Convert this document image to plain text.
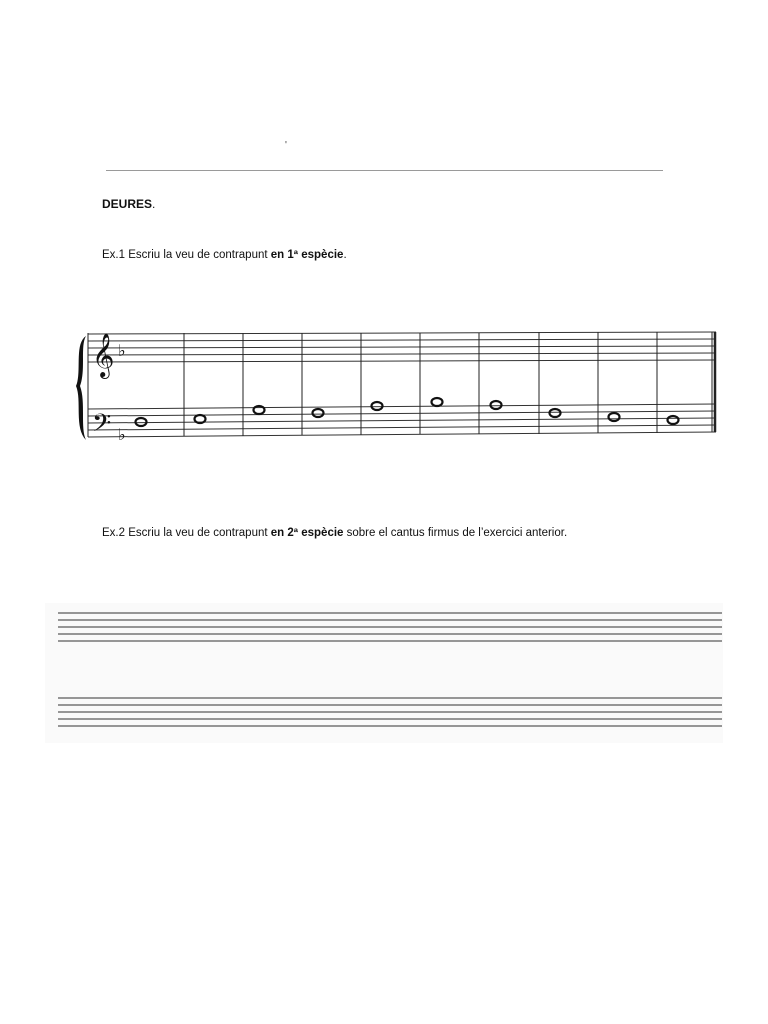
'
DEURES.
Ex.1 Escriu la veu de contrapunt en 1ª espècie.
𝄞 ♭
𝄢 ♭
Ex.2 Escriu la veu de contrapunt en 2ª espècie sobre el cantus firmus de l’exercici anterior.
